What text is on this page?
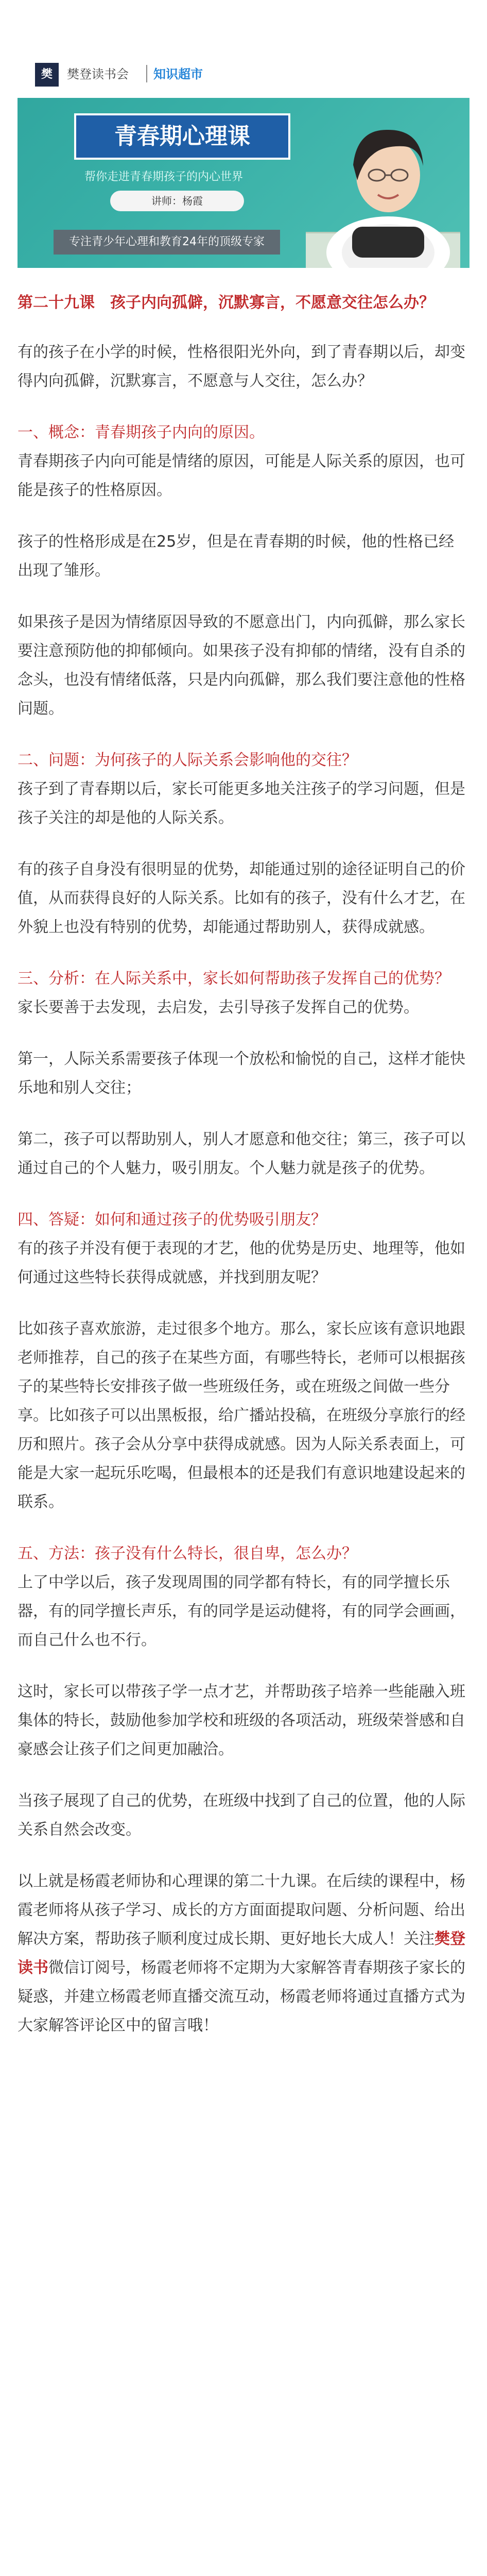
樊	樊登读书会 知识超市
青春期心理课
帮你走进青春期孩子的内心世界
讲师：杨霞
专注青少年心理和教育24年的顶级专家
第二十九课　孩子内向孤僻，沉默寡言，不愿意交往怎么办？
有的孩子在小学的时候，性格很阳光外向，到了青春期以后，却变得内向孤僻，沉默寡言，不愿意与人交往，怎么办？
一、概念：青春期孩子内向的原因。
青春期孩子内向可能是情绪的原因，可能是人际关系的原因，也可能是孩子的性格原因。
孩子的性格形成是在25岁，但是在青春期的时候，他的性格已经出现了雏形。
如果孩子是因为情绪原因导致的不愿意出门，内向孤僻，那么家长要注意预防他的抑郁倾向。如果孩子没有抑郁的情绪，没有自杀的念头，也没有情绪低落，只是内向孤僻，那么我们要注意他的性格问题。
二、问题：为何孩子的人际关系会影响他的交往？
孩子到了青春期以后，家长可能更多地关注孩子的学习问题，但是孩子关注的却是他的人际关系。
有的孩子自身没有很明显的优势，却能通过别的途径证明自己的价值，从而获得良好的人际关系。比如有的孩子，没有什么才艺，在外貌上也没有特别的优势，却能通过帮助别人，获得成就感。
三、分析：在人际关系中，家长如何帮助孩子发挥自己的优势？
家长要善于去发现，去启发，去引导孩子发挥自己的优势。
第一，人际关系需要孩子体现一个放松和愉悦的自己，这样才能快乐地和别人交往；
第二，孩子可以帮助别人，别人才愿意和他交往；第三，孩子可以通过自己的个人魅力，吸引朋友。个人魅力就是孩子的优势。
四、答疑：如何和通过孩子的优势吸引朋友？
有的孩子并没有便于表现的才艺，他的优势是历史、地理等，他如何通过这些特长获得成就感，并找到朋友呢？
比如孩子喜欢旅游，走过很多个地方。那么，家长应该有意识地跟老师推荐，自己的孩子在某些方面，有哪些特长，老师可以根据孩子的某些特长安排孩子做一些班级任务，或在班级之间做一些分享。比如孩子可以出黑板报，给广播站投稿，在班级分享旅行的经历和照片。孩子会从分享中获得成就感。因为人际关系表面上，可能是大家一起玩乐吃喝，但最根本的还是我们有意识地建设起来的联系。
五、方法：孩子没有什么特长，很自卑，怎么办？
上了中学以后，孩子发现周围的同学都有特长，有的同学擅长乐器，有的同学擅长声乐，有的同学是运动健将，有的同学会画画，而自己什么也不行。
这时，家长可以带孩子学一点才艺，并帮助孩子培养一些能融入班集体的特长，鼓励他参加学校和班级的各项活动，班级荣誉感和自豪感会让孩子们之间更加融洽。
当孩子展现了自己的优势，在班级中找到了自己的位置，他的人际关系自然会改变。
以上就是杨霞老师协和心理课的第二十九课。在后续的课程中，杨霞老师将从孩子学习、成长的方方面面提取问题、分析问题、给出解决方案，帮助孩子顺利度过成长期、更好地长大成人！关注樊登读书微信订阅号，杨霞老师将不定期为大家解答青春期孩子家长的疑惑，并建立杨霞老师直播交流互动，杨霞老师将通过直播方式为大家解答评论区中的留言哦！
